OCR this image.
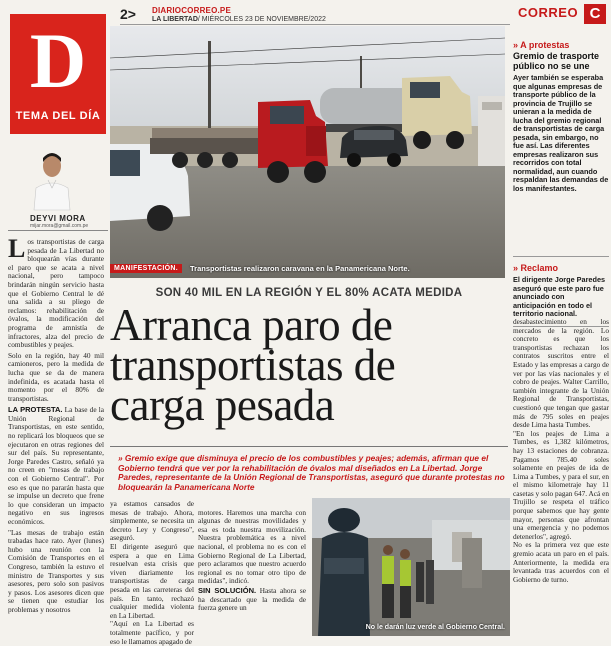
2> DIARIOCORREO.PE
LA LIBERTAD/ MIÉRCOLES 23 DE NOVIEMBRE/2022	CORREO C
D
TEMA DEL DÍA
DEYVI MORA
mijar.mora@gmail.com.pe
MANIFESTACIÓN.	Transportistas realizaron caravana en la Panamericana Norte.

Los transportistas de carga pesada de La Libertad no bloquearán vías durante el paro que se acata a nivel nacional, pero tampoco brindarán ningún servicio hasta que el Gobierno Central le dé una salida a su pliego de reclamos: rehabilitación de óvalos, la modificación del programa de amnistía de infractores, alza del precio de combustibles y peajes.

Solo en la región, hay 40 mil camioneros, pero la medida de lucha que se da de manera indefinida, es acatada hasta el momento por el 80% de transportistas.

LA PROTESTA. La base de la Unión Regional de Transportistas, en este sentido, no replicará los bloqueos que se ejecutaron en otras regiones del sur del país. Su representante, Jorge Paredes Castro, señaló ya no creen en "mesas de trabajo con el Gobierno Central". Por eso es que no pararán hasta que se impulse un decreto que frene lo que consideran un impacto negativo en sus ingresos económicos.

"Las mesas de trabajo están trabadas hace rato. Ayer (lunes) hubo una reunión con la Comisión de Transportes en el Congreso, también la estuvo el ministro de Transportes y sus asesores, pero solo son pasivos y pasos. Los asesores dicen que se tienen que estudiar los problemas y nosotros

SON 40 MIL EN LA REGIÓN Y EL 80% ACATA MEDIDA
Arranca paro de
transportistas de
carga pesada
» Gremio exige que disminuya el precio de los combustibles y peajes; además, afirman que el Gobierno tendrá que ver por la rehabilitación de óvalos mal diseñados en La Libertad. Jorge Paredes, representante de la Unión Regional de Transportistas, aseguró que durante protestas no bloquearán la Panamericana Norte
ya estamos cansados de mesas de trabajo. Ahora, simplemente, se necesita un decreto Ley y Congreso", aseguró.
El dirigente aseguró que espera a que en Lima resuelvan esta crisis que viven diariamente los transportistas de carga pesada en las carreteras del país. En tanto, rechazó cualquier medida violenta en La Libertad.
"Aquí en La Libertad es totalmente pacífico, y por eso le llamamos apagado de

motores. Haremos una marcha con algunas de nuestras movilidades y esa es toda nuestra movilización. Nuestra problemática es a nivel nacional, el problema no es con el Gobierno Regional de La Libertad, pero aclaramos que nuestro acuerdo regional es no tomar otro tipo de medidas", indicó.
SIN SOLUCIÓN. Hasta ahora se ha descartado que la medida de fuerza genere un

No le darán luz verde al Gobierno Central.
desabastecimiento en los mercados de la región. Lo concreto es que los transportistas rechazan los contratos suscritos entre el Estado y las empresas a cargo de ver por las vías nacionales y el cobro de peajes. Walter Carrillo, también integrante de la Unión Regional de Transportistas, cuestionó que tengan que gastar más de 795 soles en peajes desde Lima hasta Tumbes.
"En los peajes de Lima a Tumbes, es 1,382 kilómetros, hay 13 estaciones de cobranza. Pagamos 785.40 soles solamente en peajes de ida de Lima a Tumbes, y para el sur, en el mismo kilometraje hay 11 casetas y solo pagan 647. Acá en Trujillo se respeta el tráfico porque sabemos que hay gente mayor, personas que afrontan una emergencia y no podemos detenerlos", agregó.
No es la primera vez que este gremio acata un paro en el país. Anteriormente, la medida era levantada tras acuerdos con el Gobierno de turno.
» A protestas
Gremio de trasporte público no se une
Ayer también se esperaba que algunas empresas de transporte público de la provincia de Trujillo se unieran a la medida de lucha del gremio regional de transportistas de carga pesada, sin embargo, no fue así. Las diferentes empresas realizaron sus recorridos con total normalidad, aun cuando respaldan las demandas de los manifestantes.
» Reclamo
El dirigente Jorge Paredes aseguró que este paro fue anunciado con anticipación en todo el territorio nacional.
